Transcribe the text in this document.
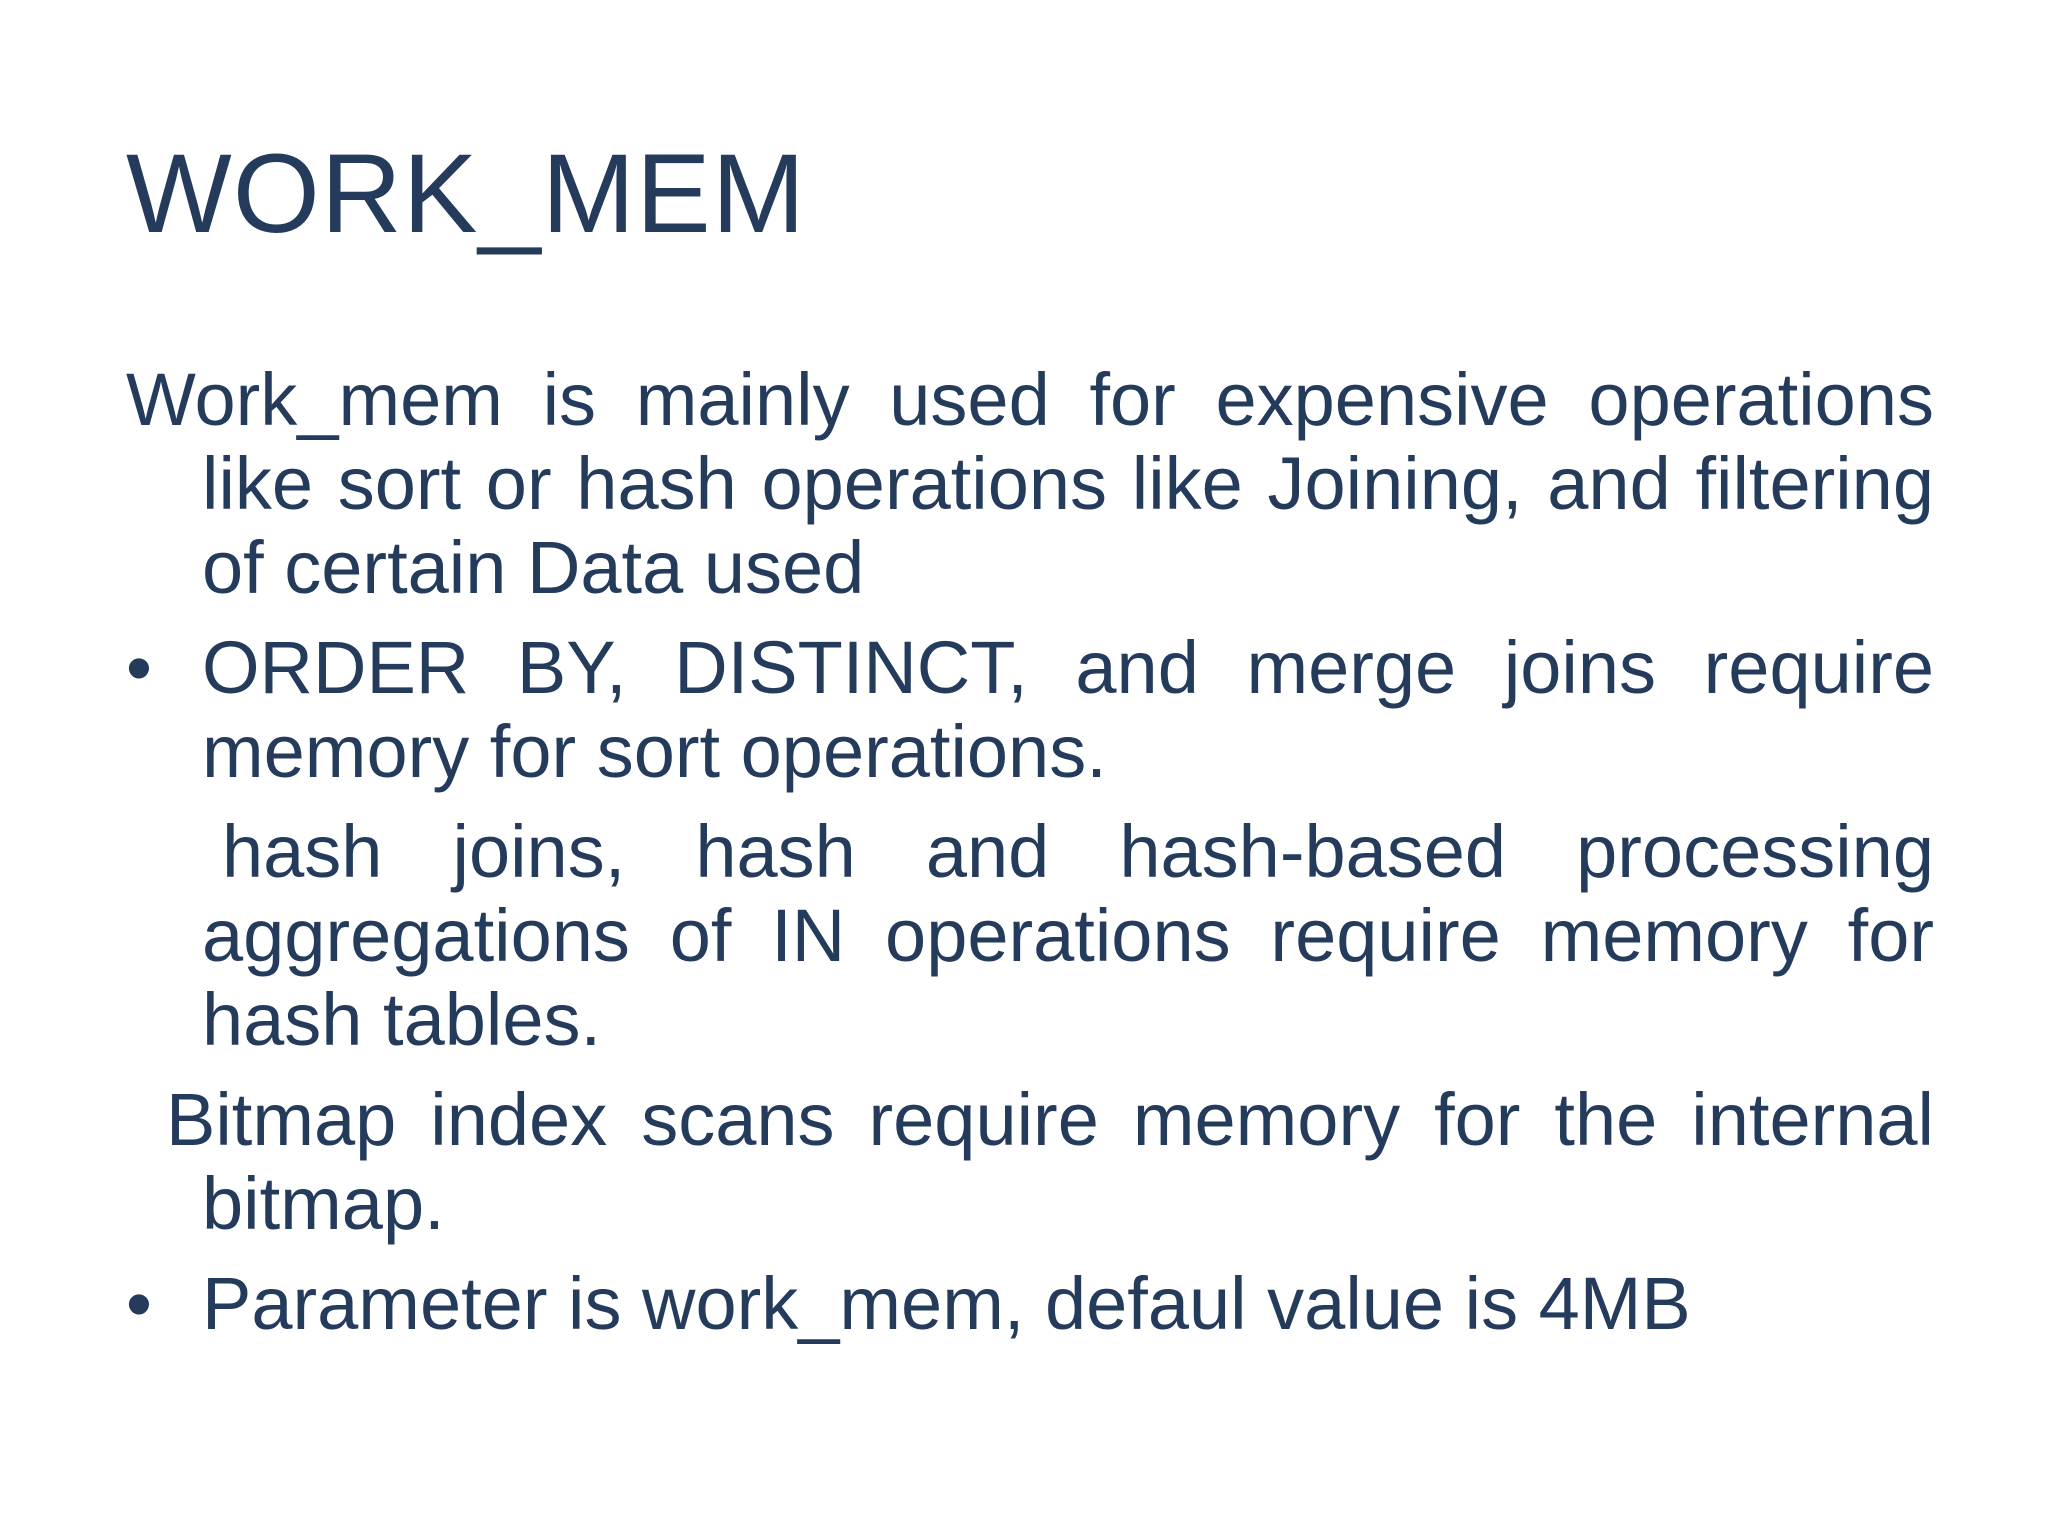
WORK_MEM

Work_mem is mainly used for expensive operations like sort or hash operations like Joining, and filtering of certain Data used

• ORDER BY, DISTINCT, and merge joins require memory for sort operations.

hash joins, hash and hash-based processing aggregations of IN operations require memory for hash tables.

Bitmap index scans require memory for the internal bitmap.

• Parameter is work_mem, defaul value is 4MB
